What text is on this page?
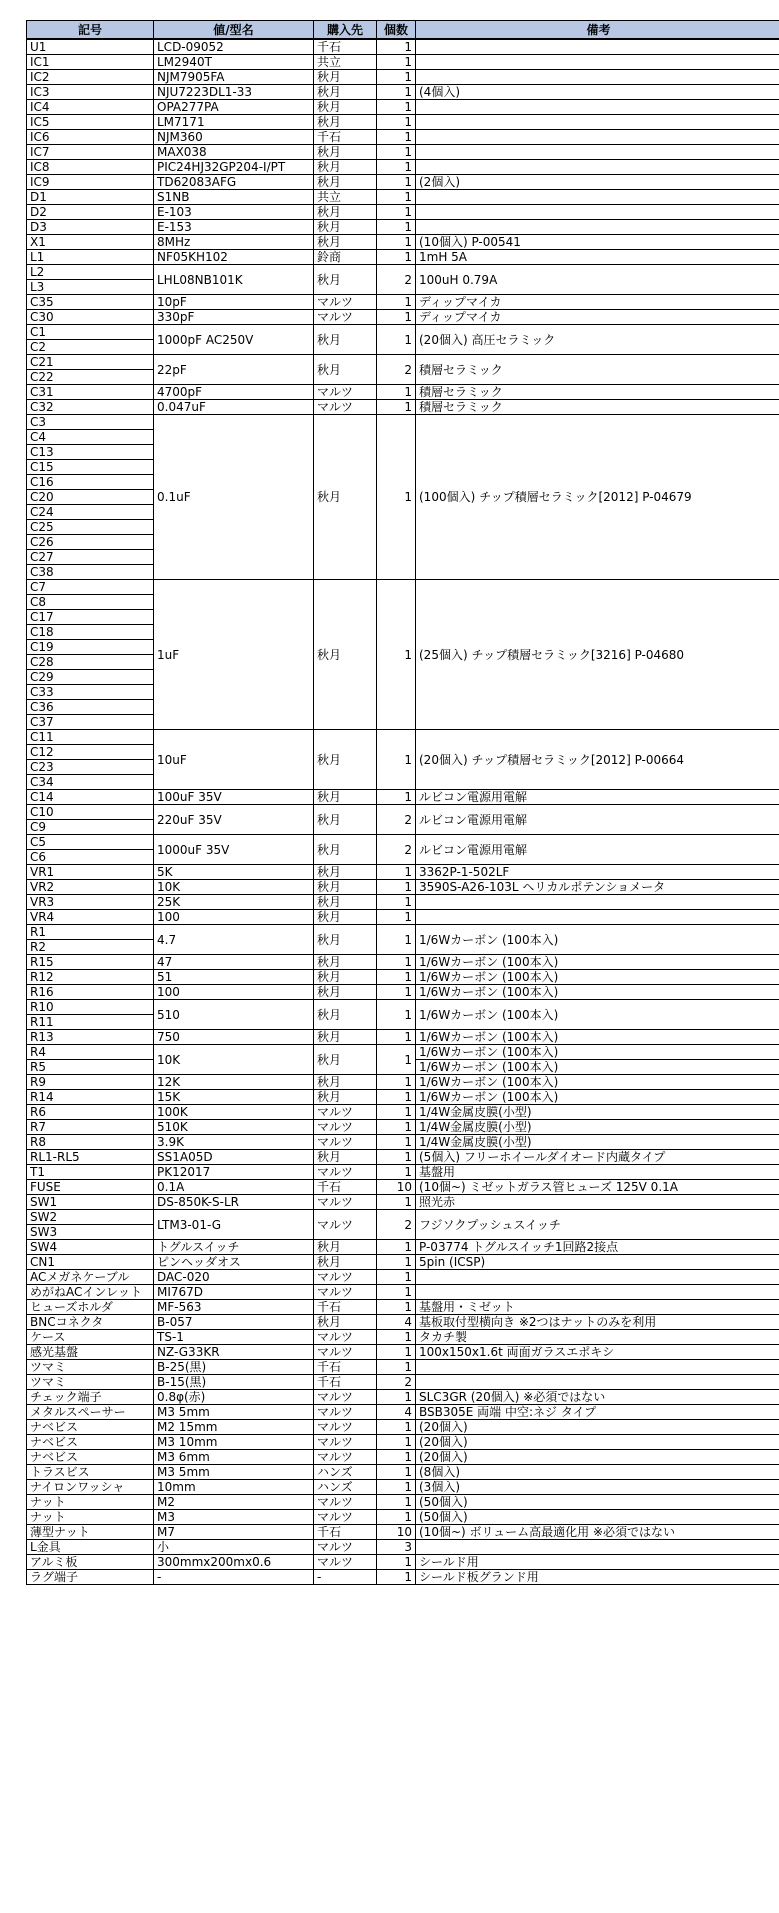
記号	値/型名	購入先	個数	備考
U1	LCD-09052	千石	1	
IC1	LM2940T	共立	1	
IC2	NJM7905FA	秋月	1	
IC3	NJU7223DL1-33	秋月	1	(4個入)
IC4	OPA277PA	秋月	1	
IC5	LM7171	秋月	1	
IC6	NJM360	千石	1	
IC7	MAX038	秋月	1	
IC8	PIC24HJ32GP204-I/PT	秋月	1	
IC9	TD62083AFG	秋月	1	(2個入)
D1	S1NB	共立	1	
D2	E-103	秋月	1	
D3	E-153	秋月	1	
X1	8MHz	秋月	1	(10個入) P-00541
L1	NF05KH102	鈴商	1	1mH 5A
L2	LHL08NB101K	秋月	2	100uH 0.79A
L3				
C35	10pF	マルツ	1	ディップマイカ
C30	330pF	マルツ	1	ディップマイカ
C1	1000pF AC250V	秋月	1	(20個入) 高圧セラミック
C2				
C21	22pF	秋月	2	積層セラミック
C22				
C31	4700pF	マルツ	1	積層セラミック
C32	0.047uF	マルツ	1	積層セラミック
C3	0.1uF	秋月	1	(100個入) チップ積層セラミック[2012] P-04679
C4				
C13				
C15				
C16				
C20				
C24				
C25				
C26				
C27				
C38				
C7	1uF	秋月	1	(25個入) チップ積層セラミック[3216] P-04680
C8				
C17				
C18				
C19				
C28				
C29				
C33				
C36				
C37				
C11	10uF	秋月	1	(20個入) チップ積層セラミック[2012] P-00664
C12				
C23				
C34				
C14	100uF 35V	秋月	1	ルビコン電源用電解
C10	220uF 35V	秋月	2	ルビコン電源用電解
C9				
C5	1000uF 35V	秋月	2	ルビコン電源用電解
C6				
VR1	5K	秋月	1	3362P-1-502LF
VR2	10K	秋月	1	3590S-A26-103L ヘリカルポテンショメータ
VR3	25K	秋月	1	
VR4	100	秋月	1	
R1	4.7	秋月	1	1/6Wカーボン (100本入)
R2				
R15	47	秋月	1	1/6Wカーボン (100本入)
R12	51	秋月	1	1/6Wカーボン (100本入)
R16	100	秋月	1	1/6Wカーボン (100本入)
R10	510	秋月	1	1/6Wカーボン (100本入)
R11				
R13	750	秋月	1	1/6Wカーボン (100本入)
R4	10K	秋月	1	1/6Wカーボン (100本入)
R5				1/6Wカーボン (100本入)
R9	12K	秋月	1	1/6Wカーボン (100本入)
R14	15K	秋月	1	1/6Wカーボン (100本入)
R6	100K	マルツ	1	1/4W金属皮膜(小型)
R7	510K	マルツ	1	1/4W金属皮膜(小型)
R8	3.9K	マルツ	1	1/4W金属皮膜(小型)
RL1-RL5	SS1A05D	秋月	1	(5個入) フリーホイールダイオード内蔵タイプ
T1	PK12017	マルツ	1	基盤用
FUSE	0.1A	千石	10	(10個~) ミゼットガラス管ヒューズ 125V 0.1A
SW1	DS-850K-S-LR	マルツ	1	照光赤
SW2	LTM3-01-G	マルツ	2	フジソクプッシュスイッチ
SW3				
SW4	トグルスイッチ	秋月	1	P-03774 トグルスイッチ1回路2接点
CN1	ピンヘッダオス	秋月	1	5pin (ICSP)
ACメガネケーブル	DAC-020	マルツ	1	
めがねACインレット	MI767D	マルツ	1	
ヒューズホルダ	MF-563	千石	1	基盤用・ミゼット
BNCコネクタ	B-057	秋月	4	基板取付型横向き ※2つはナットのみを利用
ケース	TS-1	マルツ	1	タカチ製
感光基盤	NZ-G33KR	マルツ	1	100x150x1.6t 両面ガラスエポキシ
ツマミ	B-25(黒)	千石	1	
ツマミ	B-15(黒)	千石	2	
チェック端子	0.8φ(赤)	マルツ	1	SLC3GR (20個入) ※必須ではない
メタルスペーサー	M3 5mm	マルツ	4	BSB305E 両端 中空:ネジ タイプ
ナベビス	M2 15mm	マルツ	1	(20個入)
ナベビス	M3 10mm	マルツ	1	(20個入)
ナベビス	M3 6mm	マルツ	1	(20個入)
トラスビス	M3 5mm	ハンズ	1	(8個入)
ナイロンワッシャ	10mm	ハンズ	1	(3個入)
ナット	M2	マルツ	1	(50個入)
ナット	M3	マルツ	1	(50個入)
薄型ナット	M7	千石	10	(10個~) ボリューム高最適化用 ※必須ではない
L金具	小	マルツ	3	
アルミ板	300mmx200mx0.6	マルツ	1	シールド用
ラグ端子	-	-	1	シールド板グランド用
